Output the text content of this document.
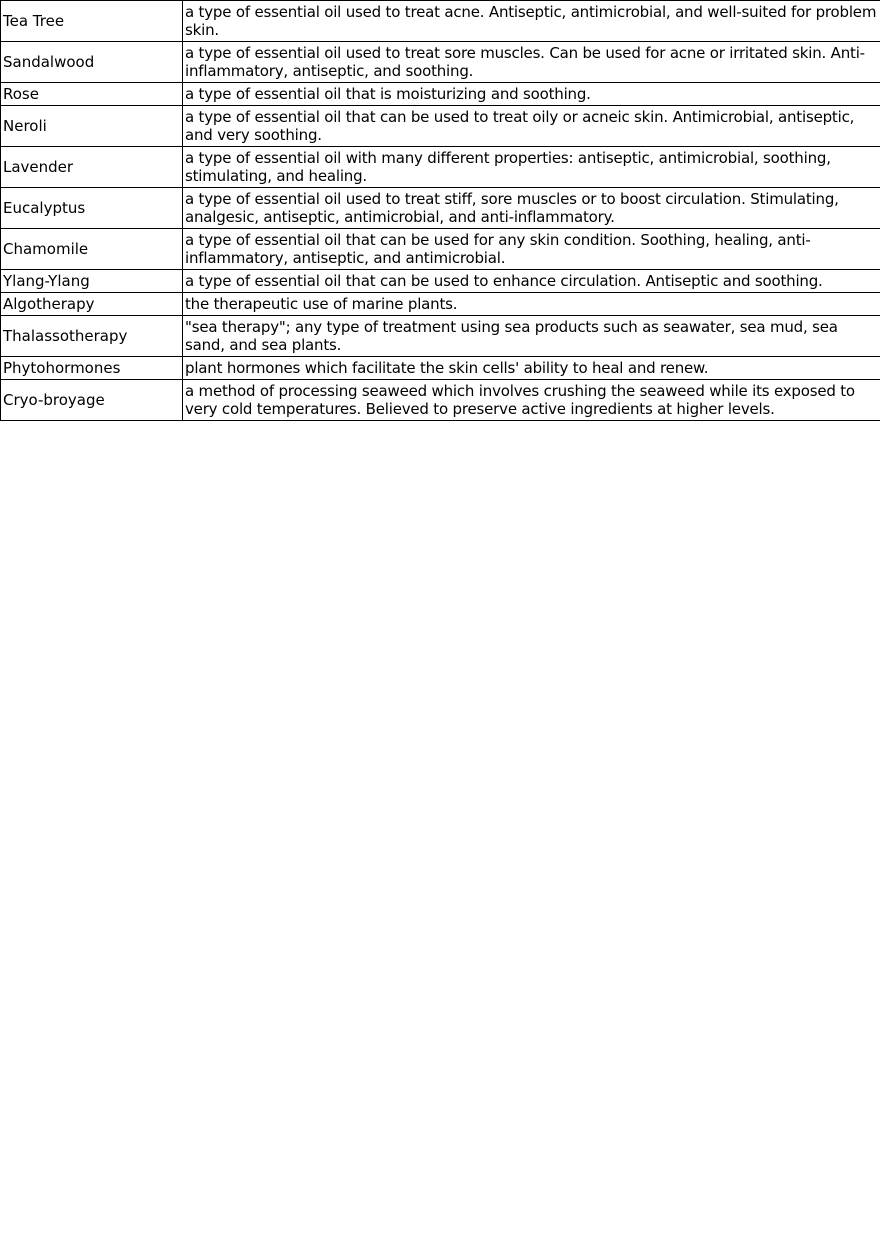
Tea Tree	a type of essential oil used to treat acne. Antiseptic, antimicrobial, and well-suited for problem skin.
Sandalwood	a type of essential oil used to treat sore muscles. Can be used for acne or irritated skin. Anti-inflammatory, antiseptic, and soothing.
Rose	a type of essential oil that is moisturizing and soothing.
Neroli	a type of essential oil that can be used to treat oily or acneic skin. Antimicrobial, antiseptic, and very soothing.
Lavender	a type of essential oil with many different properties: antiseptic, antimicrobial, soothing, stimulating, and healing.
Eucalyptus	a type of essential oil used to treat stiff, sore muscles or to boost circulation. Stimulating, analgesic, antiseptic, antimicrobial, and anti-inflammatory.
Chamomile	a type of essential oil that can be used for any skin condition. Soothing, healing, anti-inflammatory, antiseptic, and antimicrobial.
Ylang-Ylang	a type of essential oil that can be used to enhance circulation. Antiseptic and soothing.
Algotherapy	the therapeutic use of marine plants.
Thalassotherapy	"sea therapy"; any type of treatment using sea products such as seawater, sea mud, sea sand, and sea plants.
Phytohormones	plant hormones which facilitate the skin cells' ability to heal and renew.
Cryo-broyage	a method of processing seaweed which involves crushing the seaweed while its exposed to very cold temperatures. Believed to preserve active ingredients at higher levels.
